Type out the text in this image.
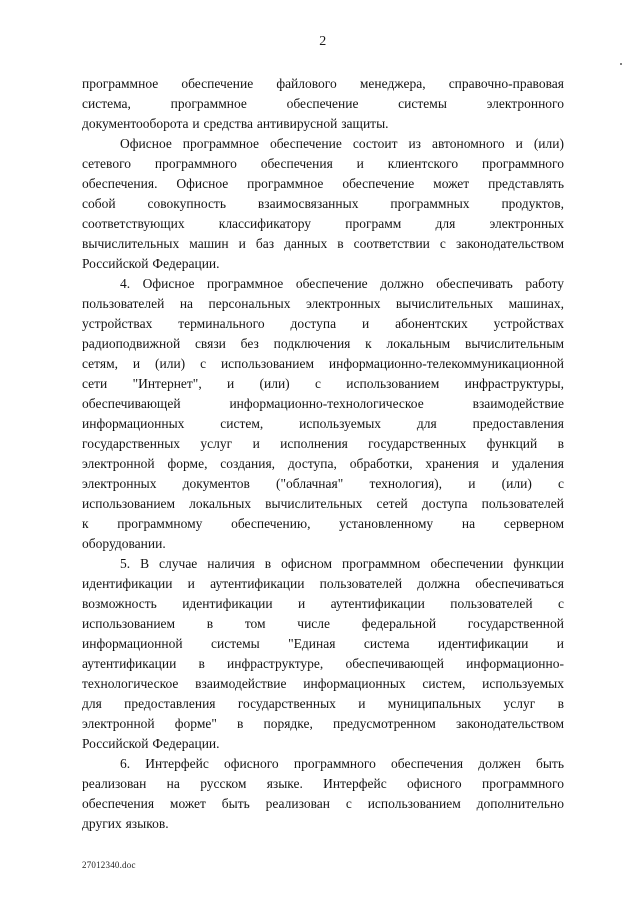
2
программное обеспечение файлового менеджера, справочно-правовая
система, программное обеспечение системы электронного
документооборота и средства антивирусной защиты.
Офисное программное обеспечение состоит из автономного и (или)
сетевого программного обеспечения и клиентского программного
обеспечения. Офисное программное обеспечение может представлять
собой совокупность взаимосвязанных программных продуктов,
соответствующих классификатору программ для электронных
вычислительных машин и баз данных в соответствии с законодательством
Российской Федерации.
4. Офисное программное обеспечение должно обеспечивать работу
пользователей на персональных электронных вычислительных машинах,
устройствах терминального доступа и абонентских устройствах
радиоподвижной связи без подключения к локальным вычислительным
сетям, и (или) с использованием информационно-телекоммуникационной
сети "Интернет", и (или) с использованием инфраструктуры,
обеспечивающей информационно-технологическое взаимодействие
информационных систем, используемых для предоставления
государственных услуг и исполнения государственных функций в
электронной форме, создания, доступа, обработки, хранения и удаления
электронных документов ("облачная" технология), и (или) с
использованием локальных вычислительных сетей доступа пользователей
к программному обеспечению, установленному на серверном
оборудовании.
5. В случае наличия в офисном программном обеспечении функции
идентификации и аутентификации пользователей должна обеспечиваться
возможность идентификации и аутентификации пользователей с
использованием в том числе федеральной государственной
информационной системы "Единая система идентификации и
аутентификации в инфраструктуре, обеспечивающей информационно-
технологическое взаимодействие информационных систем, используемых
для предоставления государственных и муниципальных услуг в
электронной форме" в порядке, предусмотренном законодательством
Российской Федерации.
6. Интерфейс офисного программного обеспечения должен быть
реализован на русском языке. Интерфейс офисного программного
обеспечения может быть реализован с использованием дополнительно
других языков.
27012340.doc
